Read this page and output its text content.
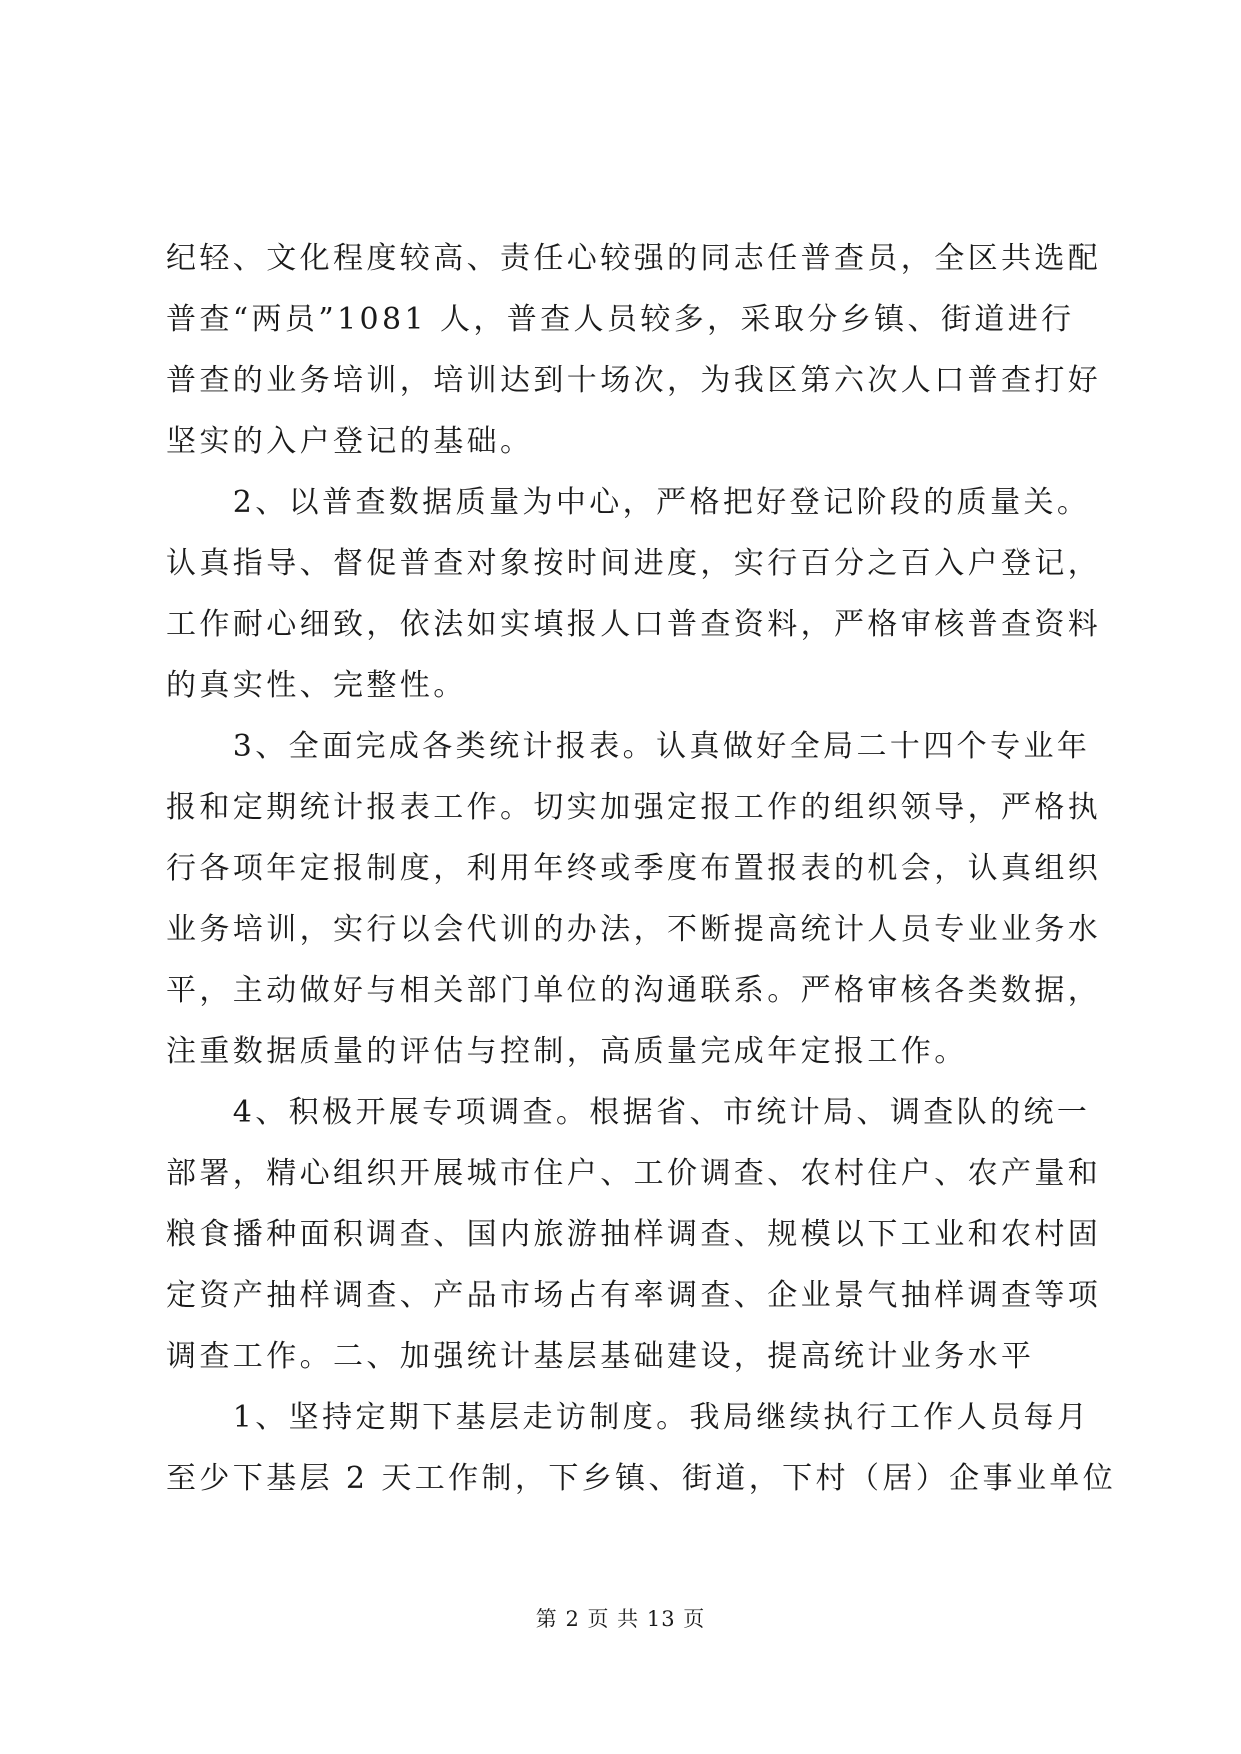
纪轻、文化程度较高、责任心较强的同志任普查员，全区共选配
普查“两员”1081 人，普查人员较多，采取分乡镇、街道进行
普查的业务培训，培训达到十场次，为我区第六次人口普查打好
坚实的入户登记的基础。
　　2、以普查数据质量为中心，严格把好登记阶段的质量关。
认真指导、督促普查对象按时间进度，实行百分之百入户登记，
工作耐心细致，依法如实填报人口普查资料，严格审核普查资料
的真实性、完整性。
　　3、全面完成各类统计报表。认真做好全局二十四个专业年
报和定期统计报表工作。切实加强定报工作的组织领导，严格执
行各项年定报制度，利用年终或季度布置报表的机会，认真组织
业务培训，实行以会代训的办法，不断提高统计人员专业业务水
平，主动做好与相关部门单位的沟通联系。严格审核各类数据，
注重数据质量的评估与控制，高质量完成年定报工作。
　　4、积极开展专项调查。根据省、市统计局、调查队的统一
部署，精心组织开展城市住户、工价调查、农村住户、农产量和
粮食播种面积调查、国内旅游抽样调查、规模以下工业和农村固
定资产抽样调查、产品市场占有率调查、企业景气抽样调查等项
调查工作。二、加强统计基层基础建设，提高统计业务水平
　　1、坚持定期下基层走访制度。我局继续执行工作人员每月
至少下基层 2 天工作制，下乡镇、街道，下村（居）企事业单位
第 2 页 共 13 页
